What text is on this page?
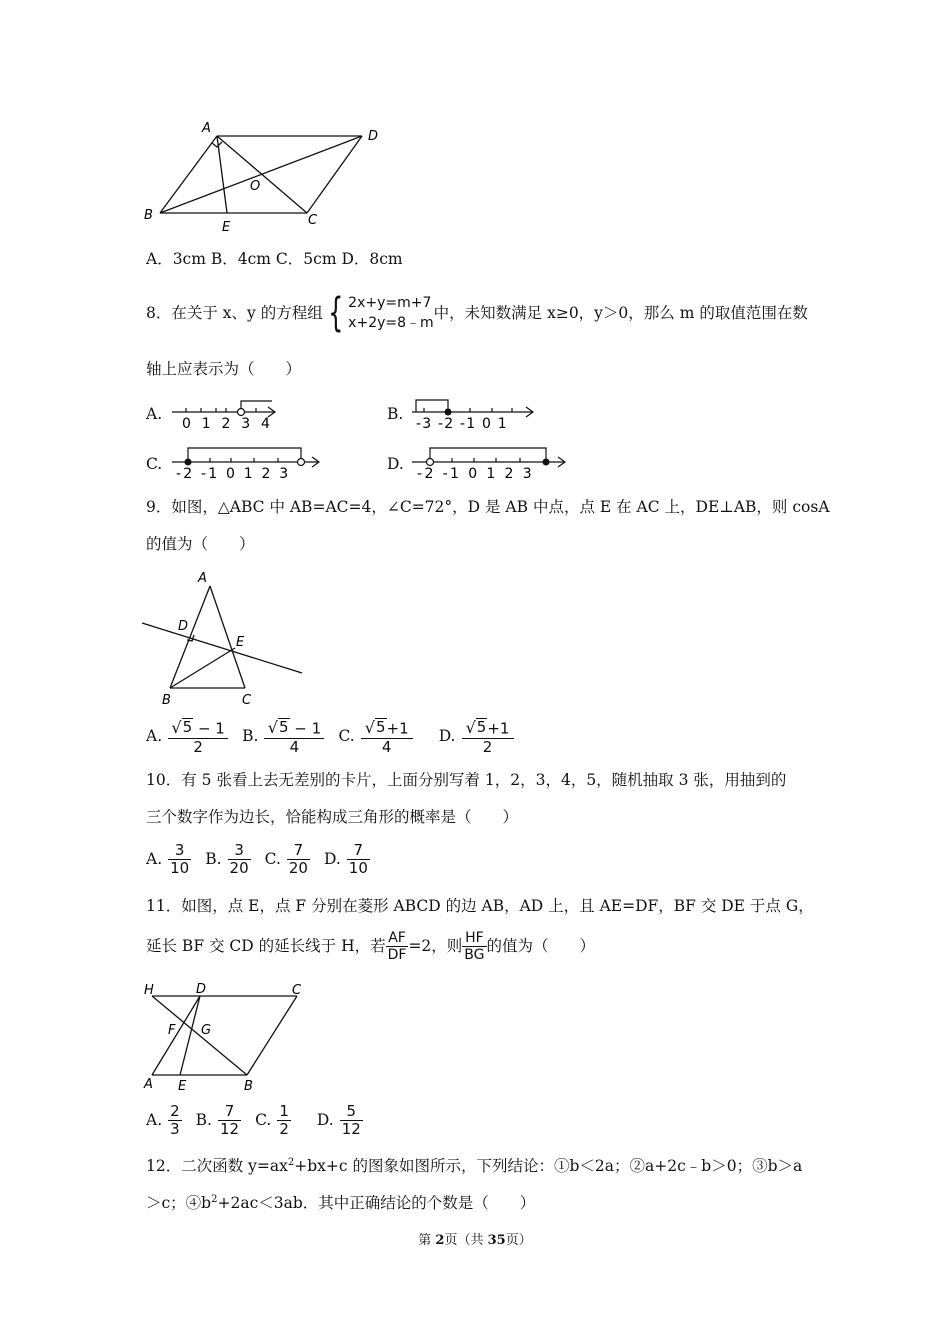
A
D
B
E
O
C
A．3cm B．4cm C．5cm D．8cm
8．在关于 x、y 的方程组 { 2x+y=m+7
x+2y=8﹣m
中，未知数满足 x≥0，y＞0，那么 m 的取值范围在数
轴上应表示为（　　）
A.
0 1 2 3 4
B.
-3 -2 -1 0 1
C.
-2 -1 0 1 2 3
D.
-2 -1 0 1 2 3
9．如图，△ABC 中 AB=AC=4，∠C=72°，D 是 AB 中点，点 E 在 AC 上，DE⊥AB，则 cosA
的值为（　　）
A
D
E
B	C
A. $\frac{√ 5 - 1}{2} B$. $\frac{√ 5 - 1}{4} C$. $\frac{√ 5 +1}{4} D$. $\frac{√ 5 +1}{2}$
10．有 5 张看上去无差别的卡片，上面分别写着 1，2，3，4，5，随机抽取 3 张，用抽到的
三个数字作为边长，恰能构成三角形的概率是（　　）
A. $\frac{3}{10} B$. $\frac{3}{20} C$. $\frac{7}{20} D$. $\frac{7}{10}$
11．如图，点 E，点 F 分别在菱形 ABCD 的边 AB，AD 上，且 AE=DF，BF 交 DE 于点 G，
延长 BF 交 CD 的延长线于 H，若 $\frac{AF}{DF} =2$，则 $\frac{HF}{BG}$ 的值为（　　）
H	D	C
F G
A E	B
A. $\frac{2}{3} B$. $\frac{7}{12} C$. $\frac{1}{2} D$. $\frac{5}{12}$
12．二次函数 $y=ax^2+bx+c$ 的图象如图所示，下列结论：①b＜2a；②a+2c﹣b＞0；③b＞a
＞c；$④b^2+2ac<3ab$．其中正确结论的个数是（　　）
第 2页（共 35页）
